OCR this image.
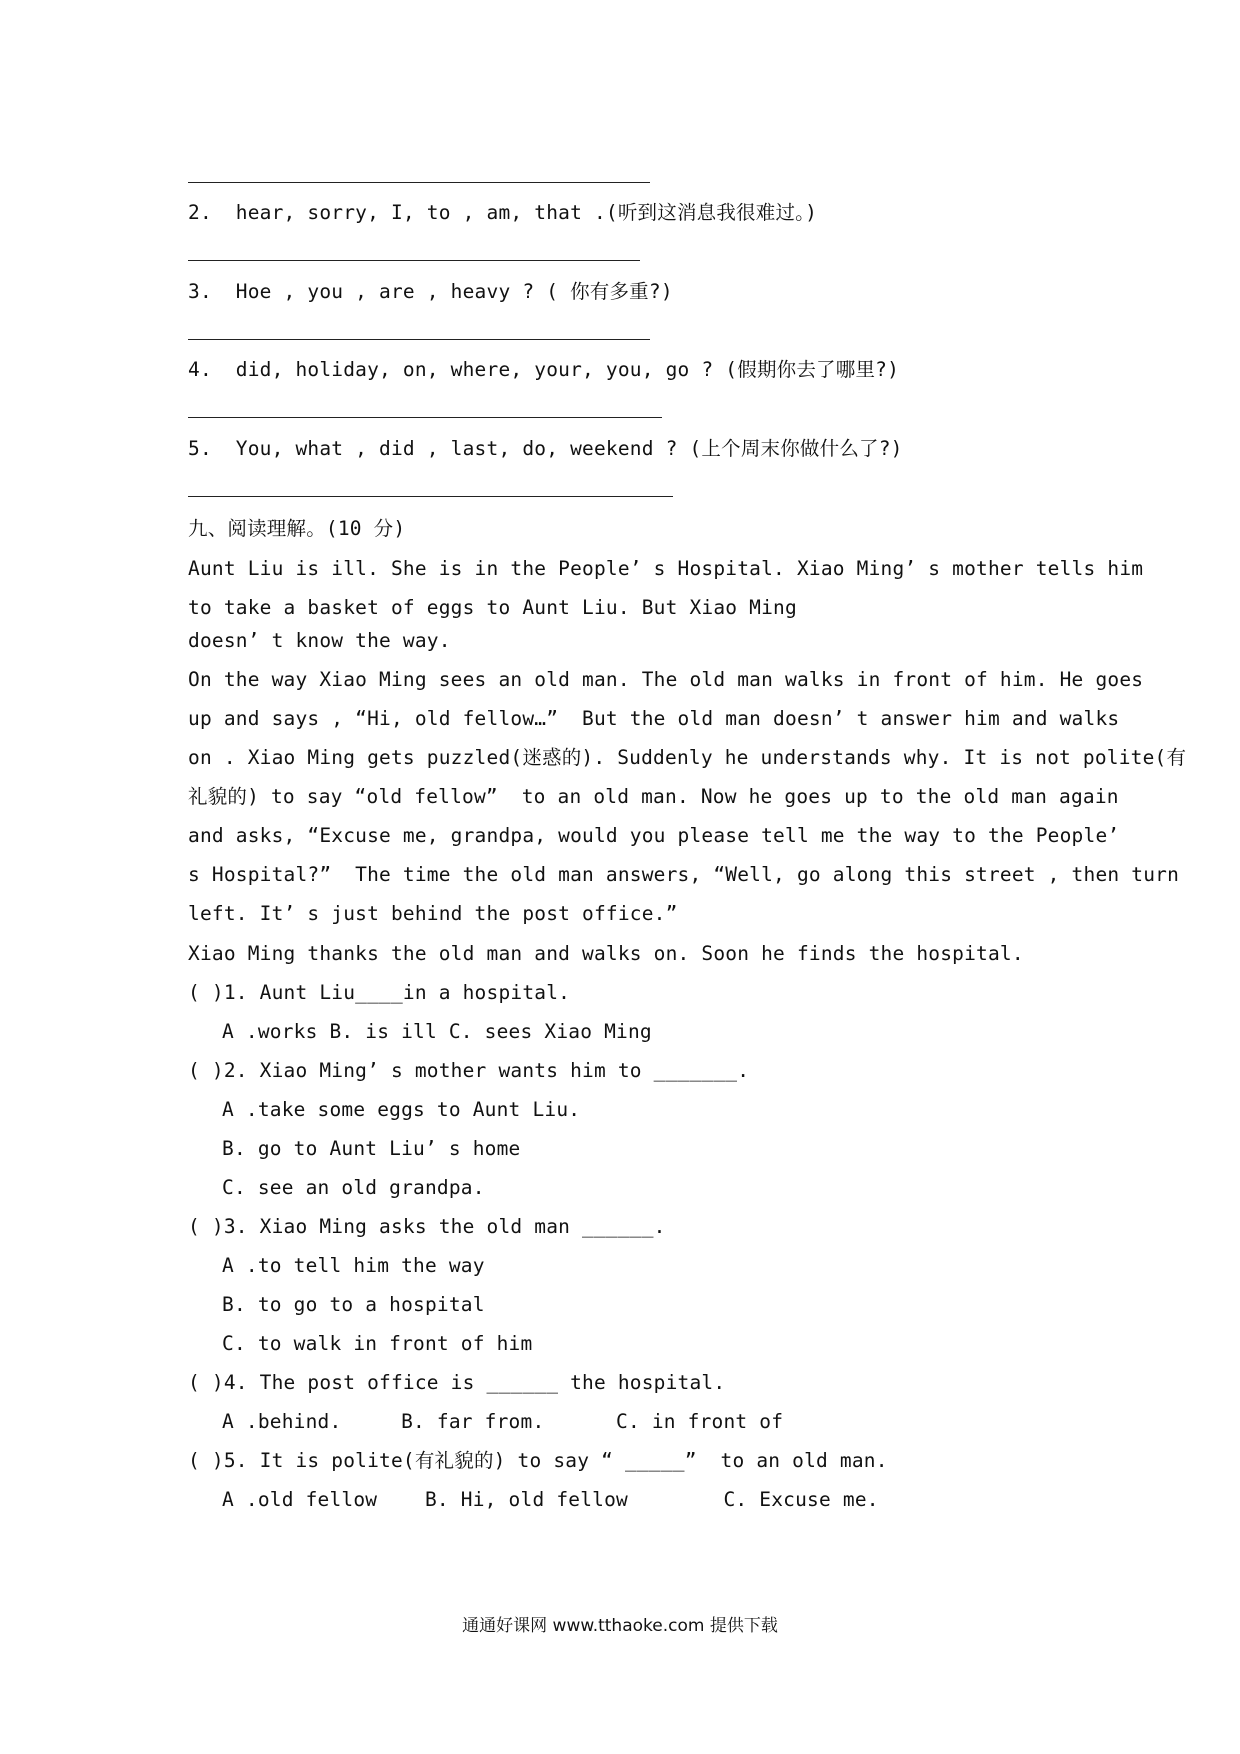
2.  hear, sorry, I, to , am, that .(听到这消息我很难过。)
3.  Hoe , you , are , heavy ? ( 你有多重?)
4.  did, holiday, on, where, your, you, go ? (假期你去了哪里?)
5.  You, what , did , last, do, weekend ? (上个周末你做什么了?)
九、阅读理解。(10 分)
Aunt Liu is ill. She is in the People’ s Hospital. Xiao Ming’ s mother tells him
to take a basket of eggs to Aunt Liu. But Xiao Ming
doesn’ t know the way.
On the way Xiao Ming sees an old man. The old man walks in front of him. He goes
up and says , “Hi, old fellow…”  But the old man doesn’ t answer him and walks
on . Xiao Ming gets puzzled(迷惑的). Suddenly he understands why. It is not polite(有
礼貌的) to say “old fellow”  to an old man. Now he goes up to the old man again
and asks, “Excuse me, grandpa, would you please tell me the way to the People’
s Hospital?”  The time the old man answers, “Well, go along this street , then turn
left. It’ s just behind the post office.”
Xiao Ming thanks the old man and walks on. Soon he finds the hospital.
( )1. Aunt Liu____in a hospital.
A .works B. is ill C. sees Xiao Ming
( )2. Xiao Ming’ s mother wants him to _______.
A .take some eggs to Aunt Liu.
B. go to Aunt Liu’ s home
C. see an old grandpa.
( )3. Xiao Ming asks the old man ______.
A .to tell him the way
B. to go to a hospital
C. to walk in front of him
( )4. The post office is ______ the hospital.
A .behind.     B. far from.      C. in front of
( )5. It is polite(有礼貌的) to say “ _____”  to an old man.
A .old fellow    B. Hi, old fellow        C. Excuse me.
通通好课网 www.tthaoke.com 提供下载
